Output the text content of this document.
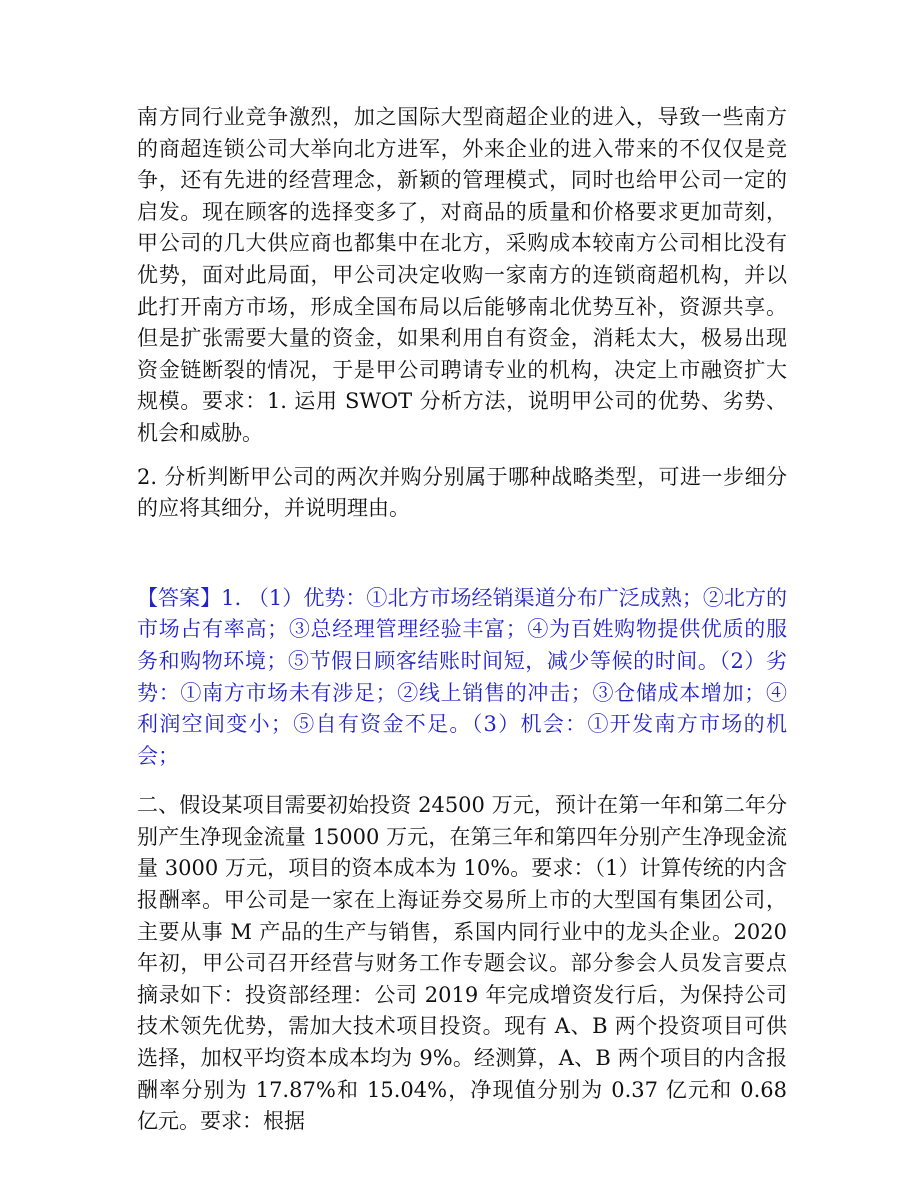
南方同行业竞争激烈，加之国际大型商超企业的进入，导致一些南方的商超连锁公司大举向北方进军，外来企业的进入带来的不仅仅是竞争，还有先进的经营理念，新颖的管理模式，同时也给甲公司一定的启发。现在顾客的选择变多了，对商品的质量和价格要求更加苛刻，甲公司的几大供应商也都集中在北方，采购成本较南方公司相比没有优势，面对此局面，甲公司决定收购一家南方的连锁商超机构，并以此打开南方市场，形成全国布局以后能够南北优势互补，资源共享。但是扩张需要大量的资金，如果利用自有资金，消耗太大，极易出现资金链断裂的情况，于是甲公司聘请专业的机构，决定上市融资扩大规模。要求：1. 运用 SWOT 分析方法，说明甲公司的优势、劣势、机会和威胁。

2. 分析判断甲公司的两次并购分别属于哪种战略类型，可进一步细分的应将其细分，并说明理由。

【答案】1. （1）优势：①北方市场经销渠道分布广泛成熟；②北方的市场占有率高；③总经理管理经验丰富；④为百姓购物提供优质的服务和购物环境；⑤节假日顾客结账时间短，减少等候的时间。（2）劣势：①南方市场未有涉足；②线上销售的冲击；③仓储成本增加；④利润空间变小；⑤自有资金不足。（3）机会：①开发南方市场的机会；

二、假设某项目需要初始投资 24500 万元，预计在第一年和第二年分别产生净现金流量 15000 万元，在第三年和第四年分别产生净现金流量 3000 万元，项目的资本成本为 10%。要求：（1）计算传统的内含报酬率。甲公司是一家在上海证券交易所上市的大型国有集团公司，主要从事 M 产品的生产与销售，系国内同行业中的龙头企业。2020 年初，甲公司召开经营与财务工作专题会议。部分参会人员发言要点摘录如下：投资部经理：公司 2019 年完成增资发行后，为保持公司技术领先优势，需加大技术项目投资。现有 A、B 两个投资项目可供选择，加权平均资本成本均为 9%。经测算，A、B 两个项目的内含报酬率分别为 17.87%和 15.04%，净现值分别为 0.37 亿元和 0.68 亿元。要求：根据
